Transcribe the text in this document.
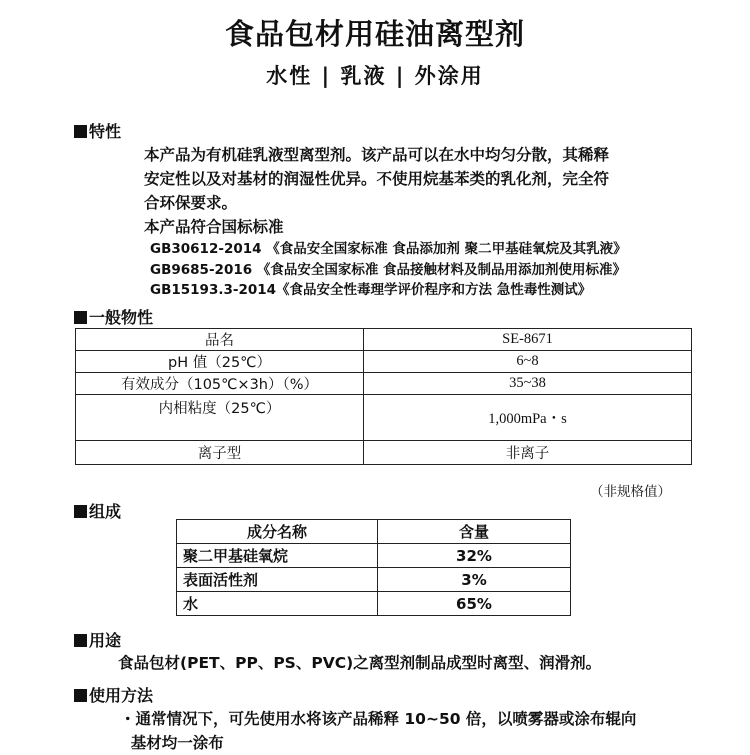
食品包材用硅油离型剂
水性 | 乳液 | 外涂用
特性
本产品为有机硅乳液型离型剂。该产品可以在水中均匀分散，其稀释
安定性以及对基材的润湿性优异。不使用烷基苯类的乳化剂，完全符
合环保要求。
本产品符合国标标准
GB30612-2014 《食品安全国家标准 食品添加剂 聚二甲基硅氧烷及其乳液》
GB9685-2016 《食品安全国家标准 食品接触材料及制品用添加剂使用标准》
GB15193.3-2014《食品安全性毒理学评价程序和方法 急性毒性测试》
一般物性
品名	SE-8671
pH 值（25℃）	6~8
有效成分（105℃×3h）（%）	35~38
内相粘度（25℃）	1,000mPa・s
离子型	非离子
（非规格值）
组成
成分名称	含量
聚二甲基硅氧烷	32%
表面活性剂	3%
水	65%
用途
食品包材(PET、PP、PS、PVC)之离型剂制品成型时离型、润滑剂。
使用方法
・通常情况下，可先使用水将该产品稀释 10~50 倍，以喷雾器或涂布辊向
基材均一涂布
